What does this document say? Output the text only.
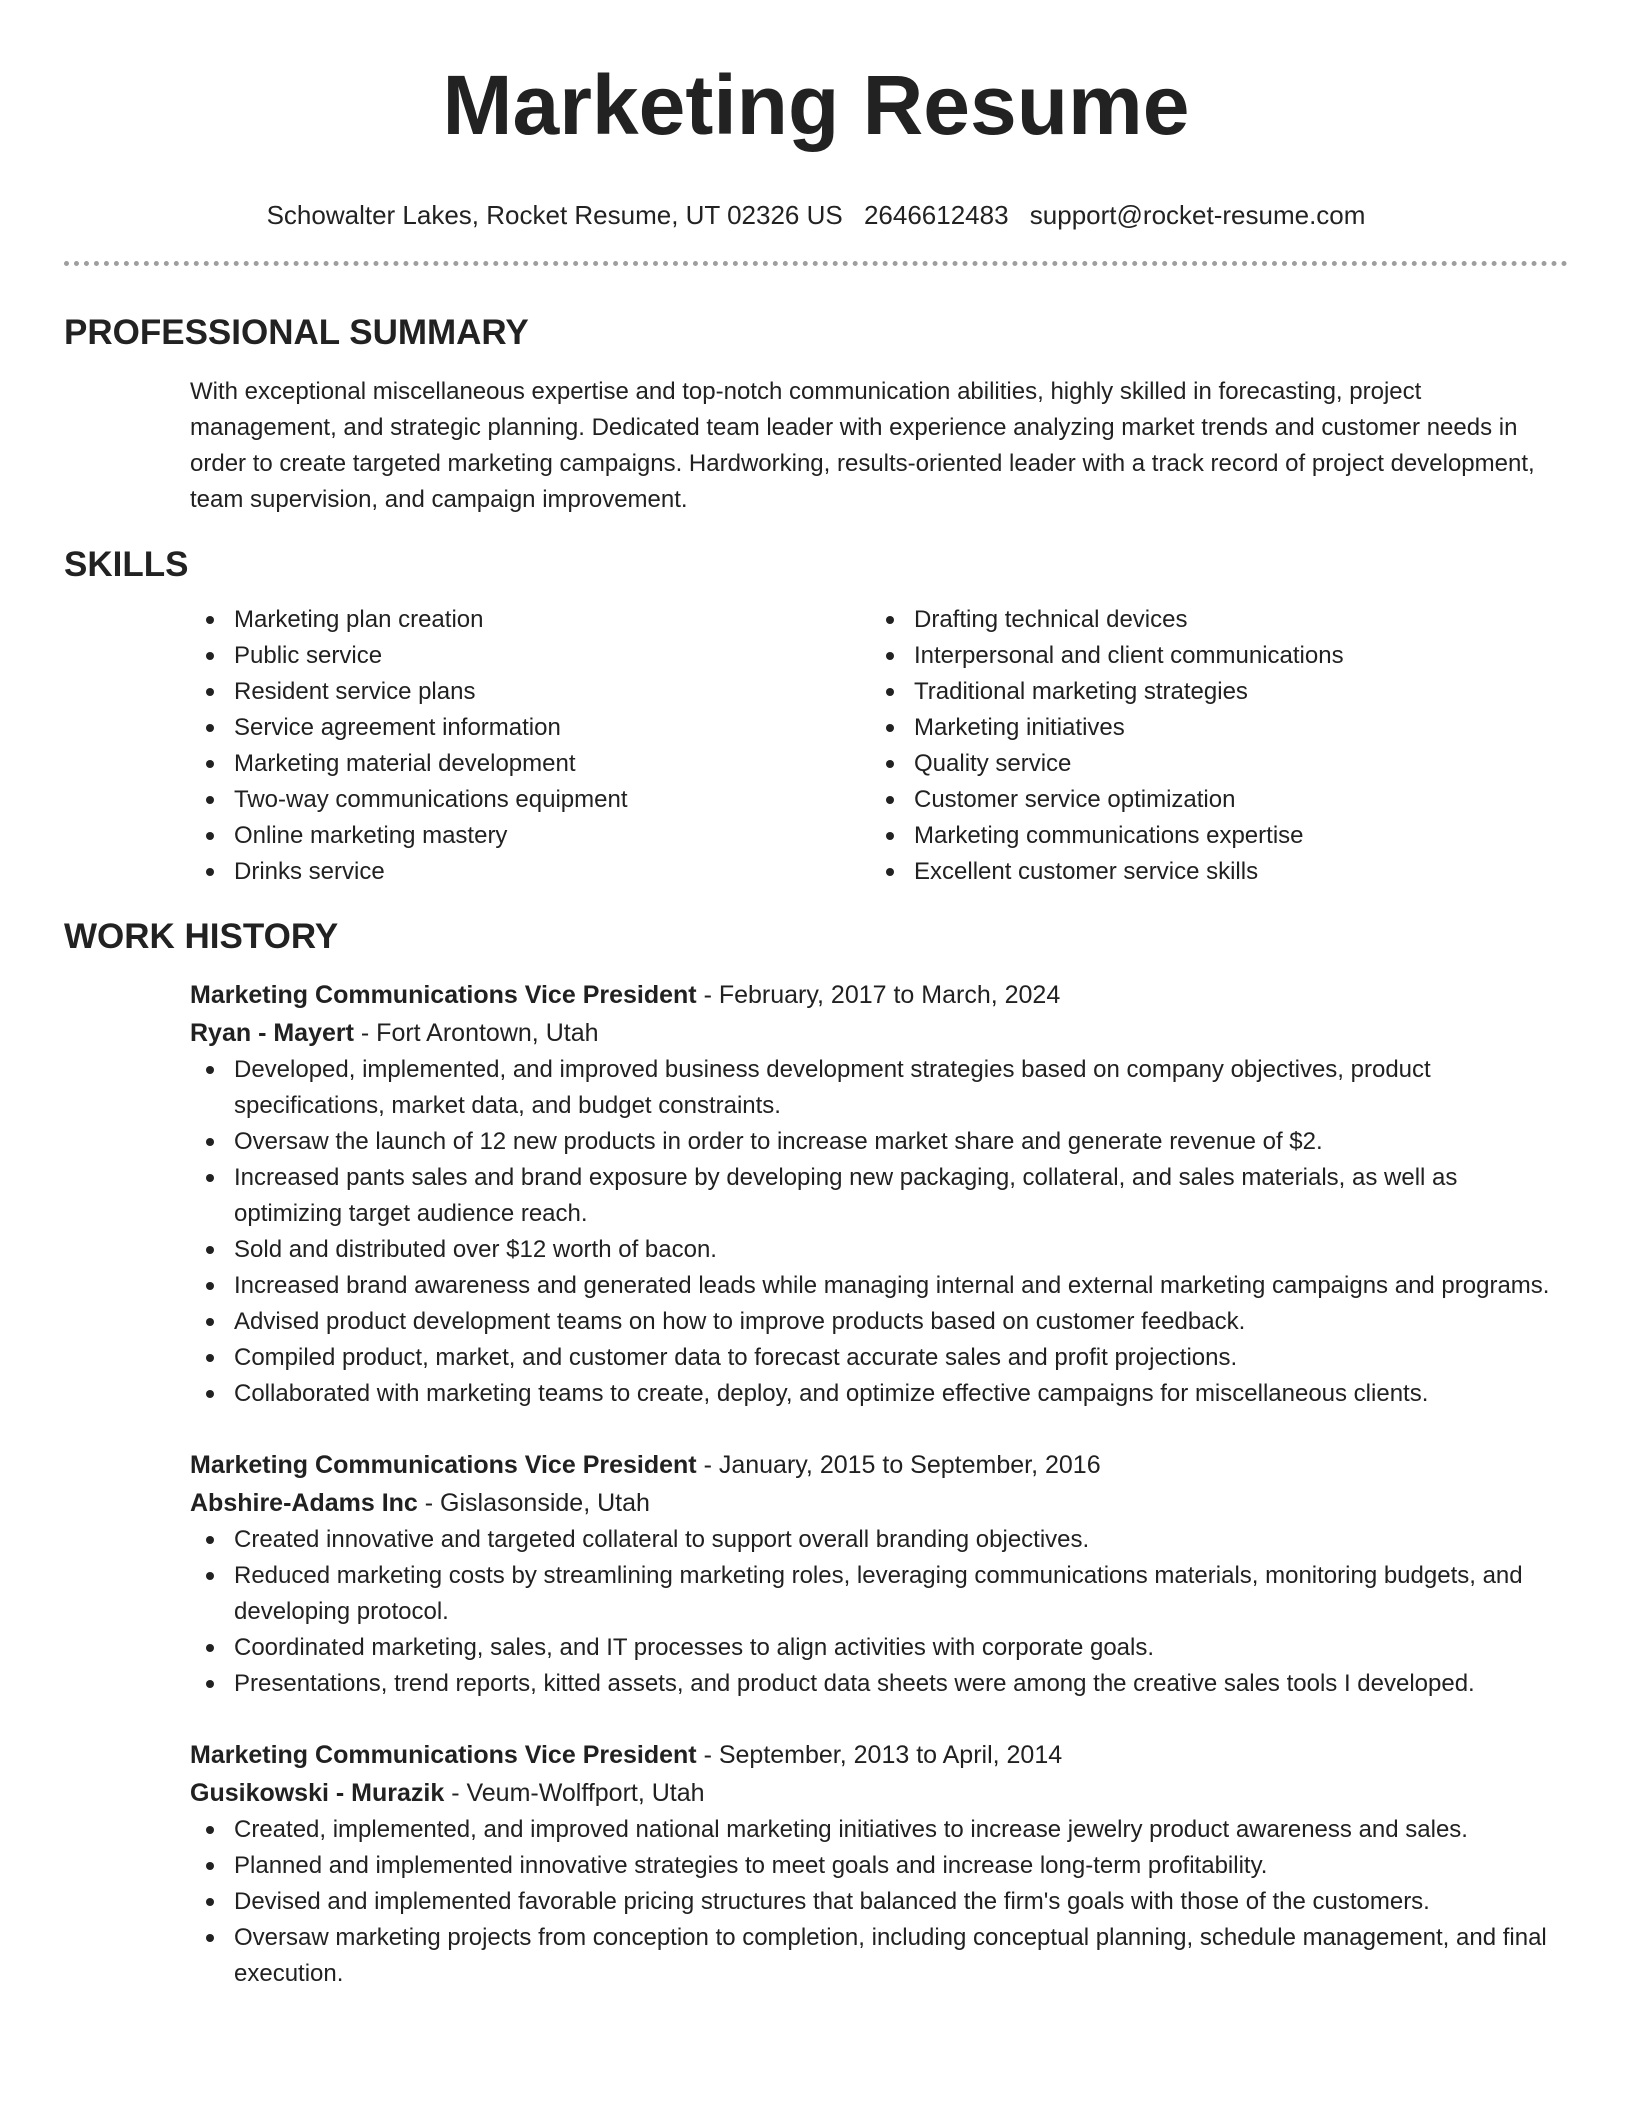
Marketing Resume
Schowalter Lakes, Rocket Resume, UT 02326 US 2646612483 support@rocket-resume.com
PROFESSIONAL SUMMARY
With exceptional miscellaneous expertise and top-notch communication abilities, highly skilled in forecasting, project management, and strategic planning. Dedicated team leader with experience analyzing market trends and customer needs in order to create targeted marketing campaigns. Hardworking, results-oriented leader with a track record of project development, team supervision, and campaign improvement.
SKILLS
Marketing plan creation
Public service
Resident service plans
Service agreement information
Marketing material development
Two-way communications equipment
Online marketing mastery
Drinks service
Drafting technical devices
Interpersonal and client communications
Traditional marketing strategies
Marketing initiatives
Quality service
Customer service optimization
Marketing communications expertise
Excellent customer service skills
WORK HISTORY
Marketing Communications Vice President - February, 2017 to March, 2024
Ryan - Mayert - Fort Arontown, Utah
Developed, implemented, and improved business development strategies based on company objectives, product specifications, market data, and budget constraints.
Oversaw the launch of 12 new products in order to increase market share and generate revenue of $2.
Increased pants sales and brand exposure by developing new packaging, collateral, and sales materials, as well as optimizing target audience reach.
Sold and distributed over $12 worth of bacon.
Increased brand awareness and generated leads while managing internal and external marketing campaigns and programs.
Advised product development teams on how to improve products based on customer feedback.
Compiled product, market, and customer data to forecast accurate sales and profit projections.
Collaborated with marketing teams to create, deploy, and optimize effective campaigns for miscellaneous clients.
Marketing Communications Vice President - January, 2015 to September, 2016
Abshire-Adams Inc - Gislasonside, Utah
Created innovative and targeted collateral to support overall branding objectives.
Reduced marketing costs by streamlining marketing roles, leveraging communications materials, monitoring budgets, and developing protocol.
Coordinated marketing, sales, and IT processes to align activities with corporate goals.
Presentations, trend reports, kitted assets, and product data sheets were among the creative sales tools I developed.
Marketing Communications Vice President - September, 2013 to April, 2014
Gusikowski - Murazik - Veum-Wolffport, Utah
Created, implemented, and improved national marketing initiatives to increase jewelry product awareness and sales.
Planned and implemented innovative strategies to meet goals and increase long-term profitability.
Devised and implemented favorable pricing structures that balanced the firm's goals with those of the customers.
Oversaw marketing projects from conception to completion, including conceptual planning, schedule management, and final execution.
